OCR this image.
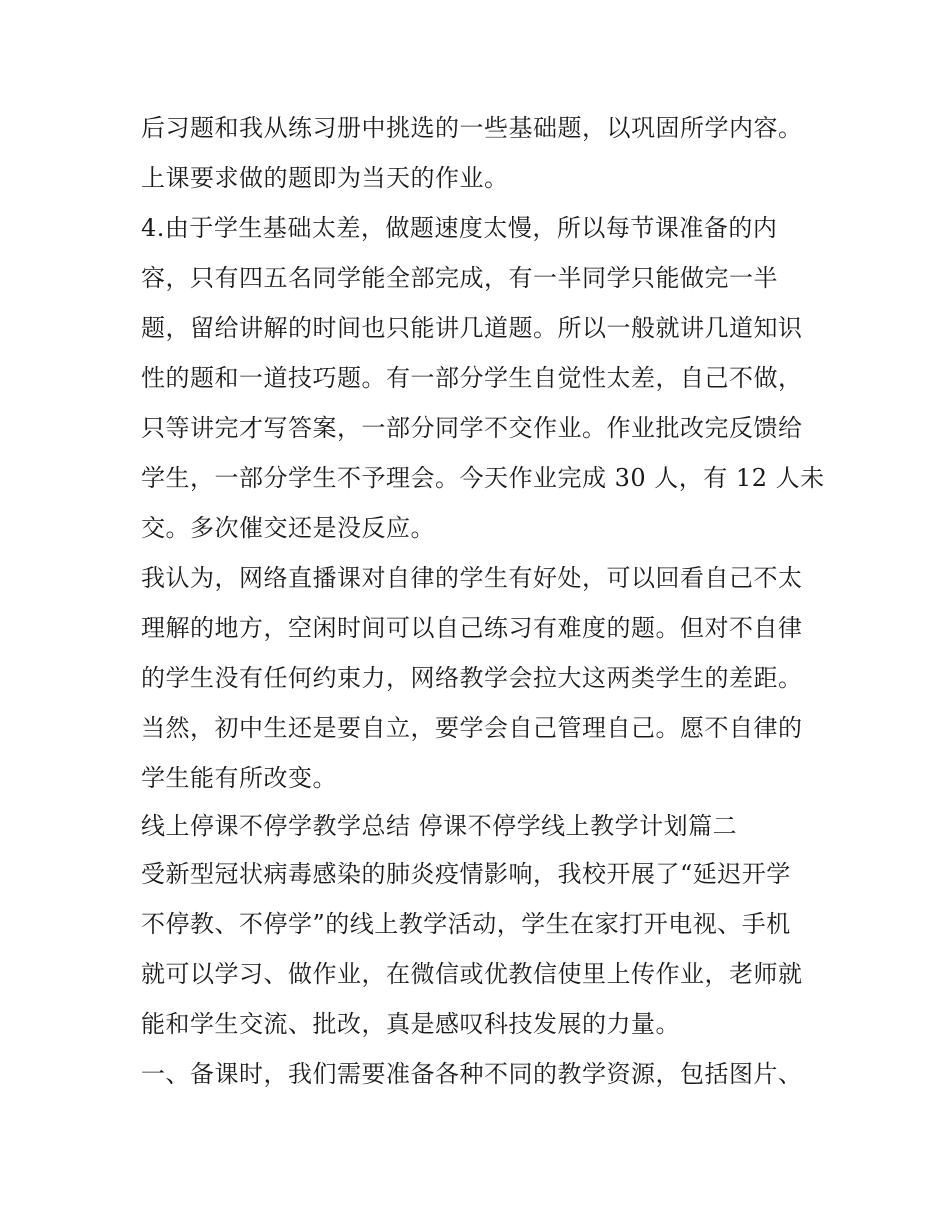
后习题和我从练习册中挑选的一些基础题，以巩固所学内容。
上课要求做的题即为当天的作业。
4.由于学生基础太差，做题速度太慢，所以每节课准备的内
容，只有四五名同学能全部完成，有一半同学只能做完一半
题，留给讲解的时间也只能讲几道题。所以一般就讲几道知识
性的题和一道技巧题。有一部分学生自觉性太差，自己不做，
只等讲完才写答案，一部分同学不交作业。作业批改完反馈给
学生，一部分学生不予理会。今天作业完成 30 人，有 12 人未
交。多次催交还是没反应。
我认为，网络直播课对自律的学生有好处，可以回看自己不太
理解的地方，空闲时间可以自己练习有难度的题。但对不自律
的学生没有任何约束力，网络教学会拉大这两类学生的差距。
当然，初中生还是要自立，要学会自己管理自己。愿不自律的
学生能有所改变。
线上停课不停学教学总结 停课不停学线上教学计划篇二
受新型冠状病毒感染的肺炎疫情影响，我校开展了“延迟开学
不停教、不停学”的线上教学活动，学生在家打开电视、手机
就可以学习、做作业，在微信或优教信使里上传作业，老师就
能和学生交流、批改，真是感叹科技发展的力量。
一、备课时，我们需要准备各种不同的教学资源，包括图片、
